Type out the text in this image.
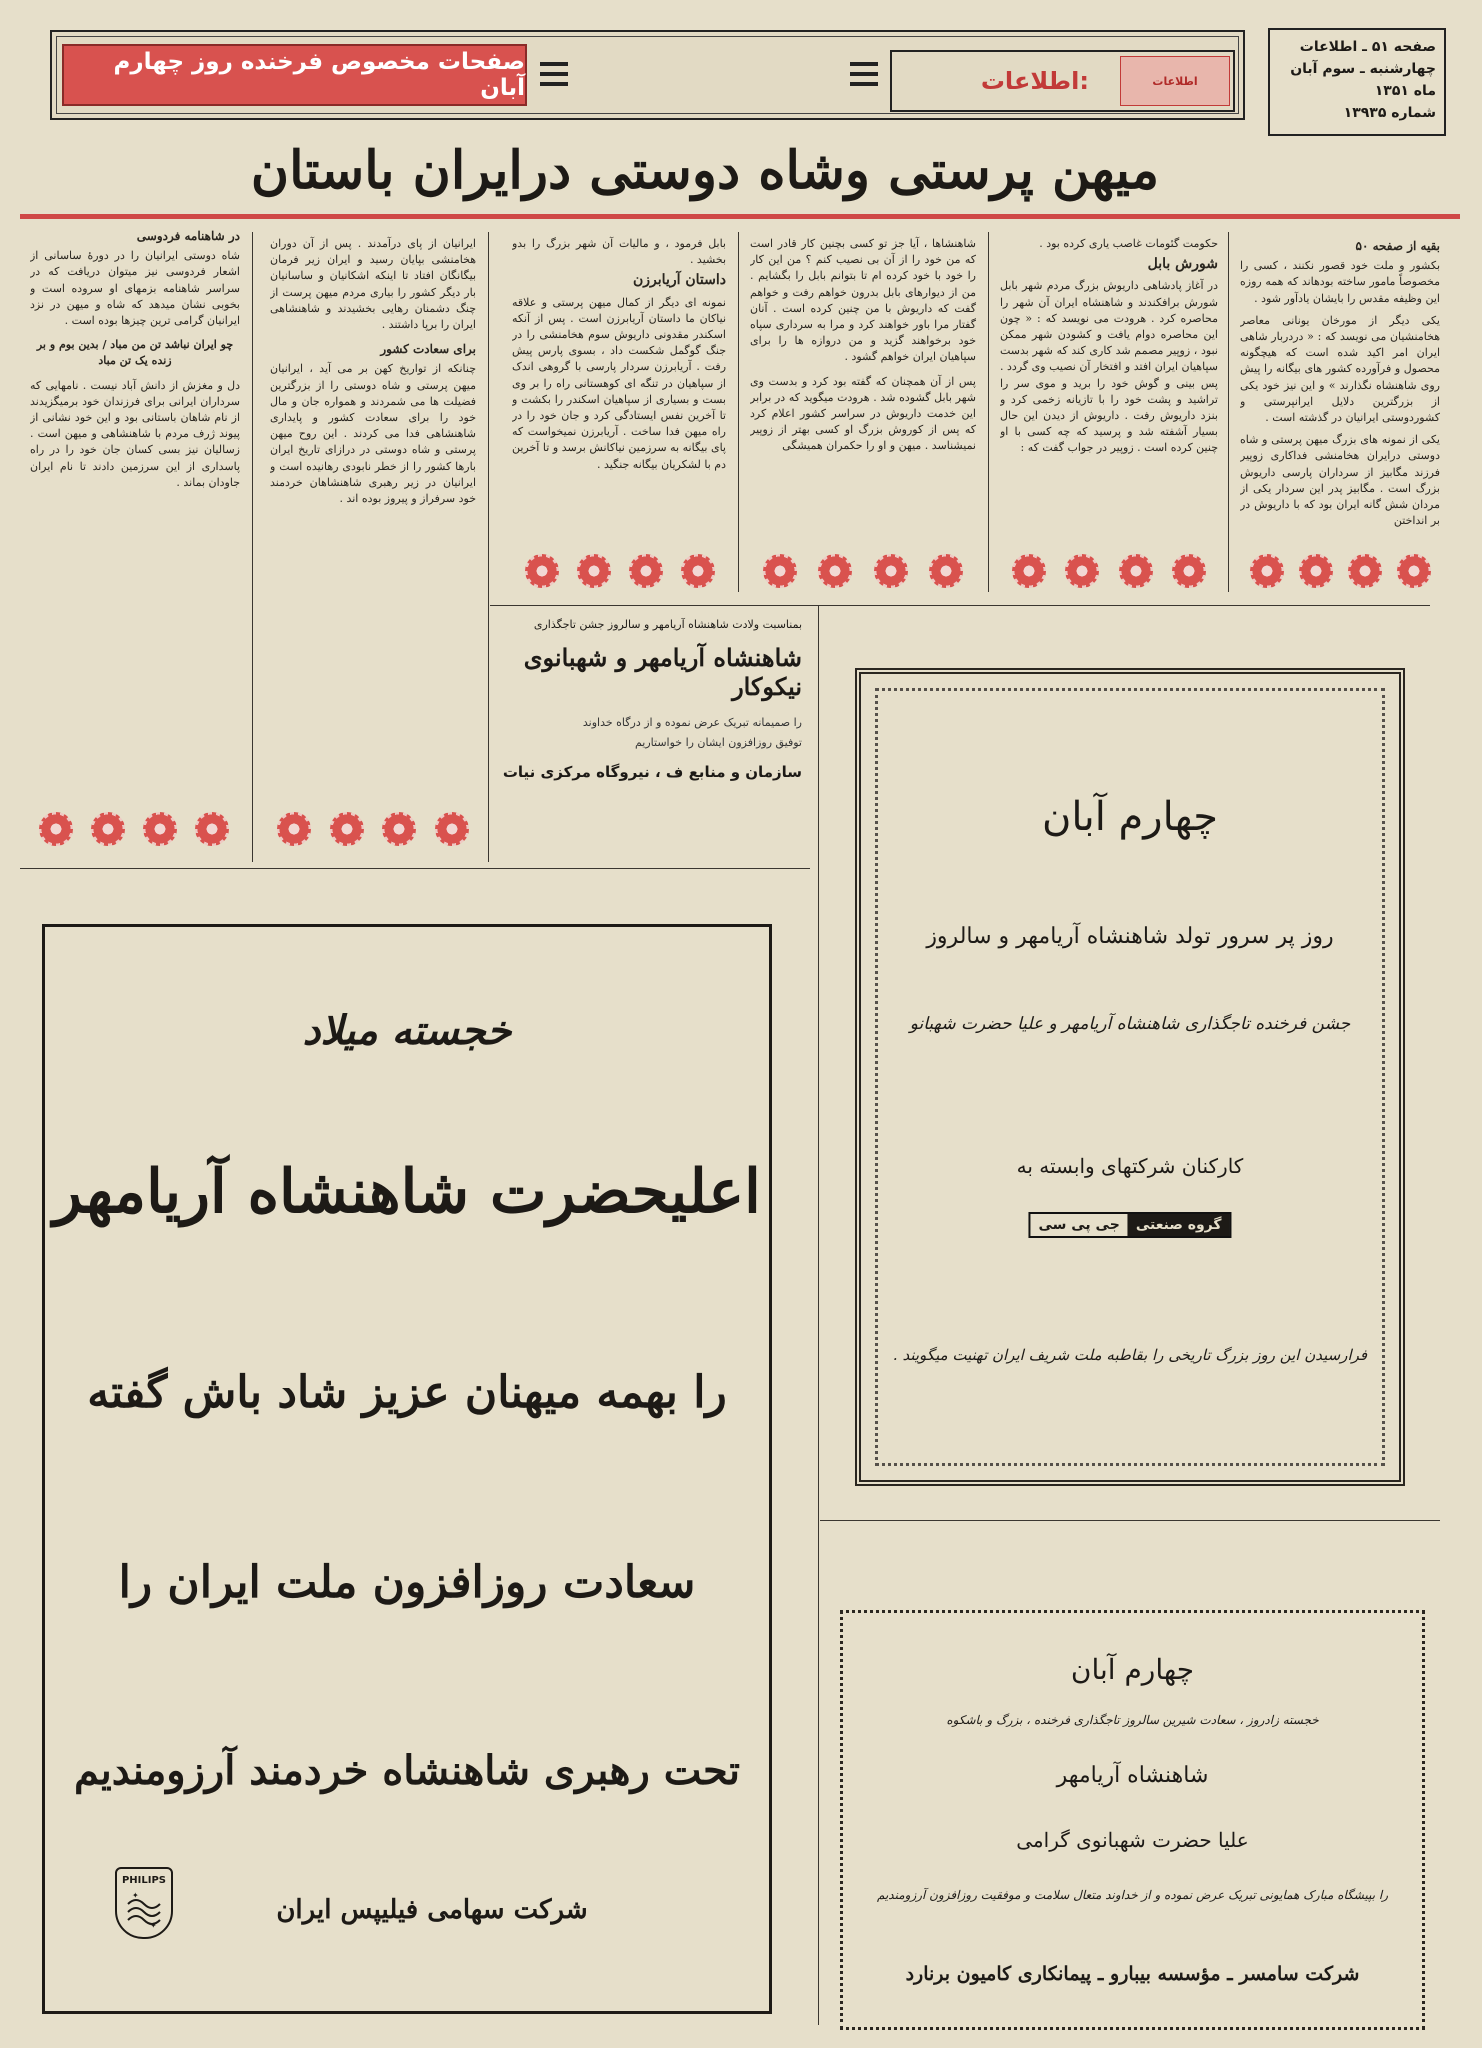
صفحات مخصوص فرخنده روز چهارم آبان	اطلاعات:	اطلاعات
صفحه ۵۱ ـ اطلاعات
چهارشنبه ـ سوم آبان
ماه ۱۳۵۱
شماره ۱۳۹۳۵
میهن پرستی وشاه دوستی درایران باستان
بقیه از صفحه ۵۰

بکشور و ملت خود قصور نکنند ، کسی را مخصوصاً مامور ساخته بودهاند که همه روزه این وظیفه مقدس را بایشان یادآور شود .

یکی دیگر از مورخان یونانی معاصر هخامنشیان می نویسد که : « دردربار شاهی ایران امر اکید شده است که هیچگونه محصول و فرآورده کشور های بیگانه را پیش روی شاهنشاه نگذارند » و این نیز خود یکی از بزرگترین دلایل ایرانپرستی و کشوردوستی ایرانیان در گذشته است .

یکی از نمونه های بزرگ میهن پرستی و شاه دوستی درایران هخامنشی فداکاری زوپیر فرزند مگابیز از سرداران پارسی داریوش بزرگ است . مگابیز پدر این سردار یکی از مردان شش گانه ایران بود که با داریوش در بر انداختن

حکومت گئومات غاصب یاری کرده بود .

شورش بابل

در آغاز پادشاهی داریوش بزرگ مردم شهر بابل شورش برافکندند و شاهنشاه ایران آن شهر را محاصره کرد . هرودت می نویسد که : « چون این محاصره دوام یافت و کشودن شهر ممکن نبود ، زوپیر مصمم شد کاری کند که شهر بدست سپاهیان ایران افتد و افتخار آن نصیب وی گردد . پس بینی و گوش خود را برید و موی سر را تراشید و پشت خود را با تازیانه زخمی کرد و بنزد داریوش رفت . داریوش از دیدن این حال بسیار آشفته شد و پرسید که چه کسی با او چنین کرده است . زوپیر در جواب گفت که :

شاهنشاها ، آیا جز تو کسی بچنین کار قادر است که من خود را از آن بی نصیب کنم ؟ من این کار را خود با خود کرده ام تا بتوانم بابل را بگشایم . من از دیوارهای بابل بدرون خواهم رفت و خواهم گفت که داریوش با من چنین کرده است . آنان گفتار مرا باور خواهند کرد و مرا به سرداری سپاه خود برخواهند گزید و من دروازه ها را برای سپاهیان ایران خواهم گشود .

پس از آن همچنان که گفته بود کرد و بدست وی شهر بابل گشوده شد . هرودت میگوید که در برابر این خدمت داریوش در سراسر کشور اعلام کرد که پس از کوروش بزرگ او کسی بهتر از زوپیر نمیشناسد . میهن و او را حکمران همیشگی

بابل فرمود ، و مالیات آن شهر بزرگ را بدو بخشید .

داستان آریابرزن

نمونه ای دیگر از کمال میهن پرستی و علاقه نیاکان ما داستان آریابرزن است . پس از آنکه اسکندر مقدونی داریوش سوم هخامنشی را در جنگ گوگمل شکست داد ، بسوی پارس پیش رفت . آریابرزن سردار پارسی با گروهی اندک از سپاهیان در تنگه ای کوهستانی راه را بر وی بست و بسیاری از سپاهیان اسکندر را بکشت و تا آخرین نفس ایستادگی کرد و جان خود را در راه میهن فدا ساخت . آریابرزن نمیخواست که پای بیگانه به سرزمین نیاکانش برسد و تا آخرین دم با لشکریان بیگانه جنگید .

ایرانیان از پای درآمدند . پس از آن دوران هخامنشی بپایان رسید و ایران زیر فرمان بیگانگان افتاد تا اینکه اشکانیان و ساسانیان بار دیگر کشور را بیاری مردم میهن پرست از چنگ دشمنان رهایی بخشیدند و شاهنشاهی ایران را برپا داشتند .

برای سعادت کشور

چنانکه از تواریخ کهن بر می آید ، ایرانیان میهن پرستی و شاه دوستی را از بزرگترین فضیلت ها می شمردند و همواره جان و مال خود را برای سعادت کشور و پایداری شاهنشاهی فدا می کردند . این روح میهن پرستی و شاه دوستی در درازای تاریخ ایران بارها کشور را از خطر نابودی رهانیده است و ایرانیان در زیر رهبری شاهنشاهان خردمند خود سرفراز و پیروز بوده اند .

در شاهنامه فردوسی

شاه دوستی ایرانیان را در دورهٔ ساسانی از اشعار فردوسی نیز میتوان دریافت که در سراسر شاهنامه بزمهای او سروده است و بخوبی نشان میدهد که شاه و میهن در نزد ایرانیان گرامی ترین چیزها بوده است .

چو ایران نباشد تن من مباد / بدین بوم و بر زنده یک تن مباد

دل و مغزش از دانش آباد نیست . نامهایی که سرداران ایرانی برای فرزندان خود برمیگزیدند از نام شاهان باستانی بود و این خود نشانی از پیوند ژرف مردم با شاهنشاهی و میهن است . زسالیان نیز بسی کسان جان خود را در راه پاسداری از این سرزمین دادند تا نام ایران جاودان بماند .

بمناسبت ولادت شاهنشاه آریامهر و سالروز جشن تاجگذاری
شاهنشاه آریامهر و شهبانوی نیکوکار
را صمیمانه تبریک عرض نموده و از درگاه خداوند
توفیق روزافزون ایشان را خواستاریم
سازمان و منابع ف ، نیروگاه مرکزی نیات
چهارم آبان
روز پر سرور تولد شاهنشاه آریامهر و سالروز
جشن فرخنده تاجگذاری شاهنشاه آریامهر و علیا حضرت شهبانو
کارکنان شرکتهای وابسته به
جی پی سی	گروه صنعتی
فرارسیدن این روز بزرگ تاریخی را بقاطبه ملت شریف ایران تهنیت میگویند .
خجسته میلاد
اعلیحضرت شاهنشاه آریامهر
را بهمه میهنان عزیز شاد باش گفته
سعادت روزافزون ملت ایران را
تحت رهبری شاهنشاه خردمند آرزومندیم
شرکت سهامی فیلیپس ایران
PHILIPS
✦
✦
چهارم آبان
خجسته زادروز ، سعادت شیرین سالروز تاجگذاری فرخنده ، بزرگ و باشکوه
شاهنشاه آریامهر
علیا حضرت شهبانوی گرامی
را بپیشگاه مبارک همایونی تبریک عرض نموده و از خداوند متعال سلامت و موفقیت روزافزون آرزومندیم
شرکت سامسر ـ مؤسسه بیبارو ـ پیمانکاری کامیون برنارد
